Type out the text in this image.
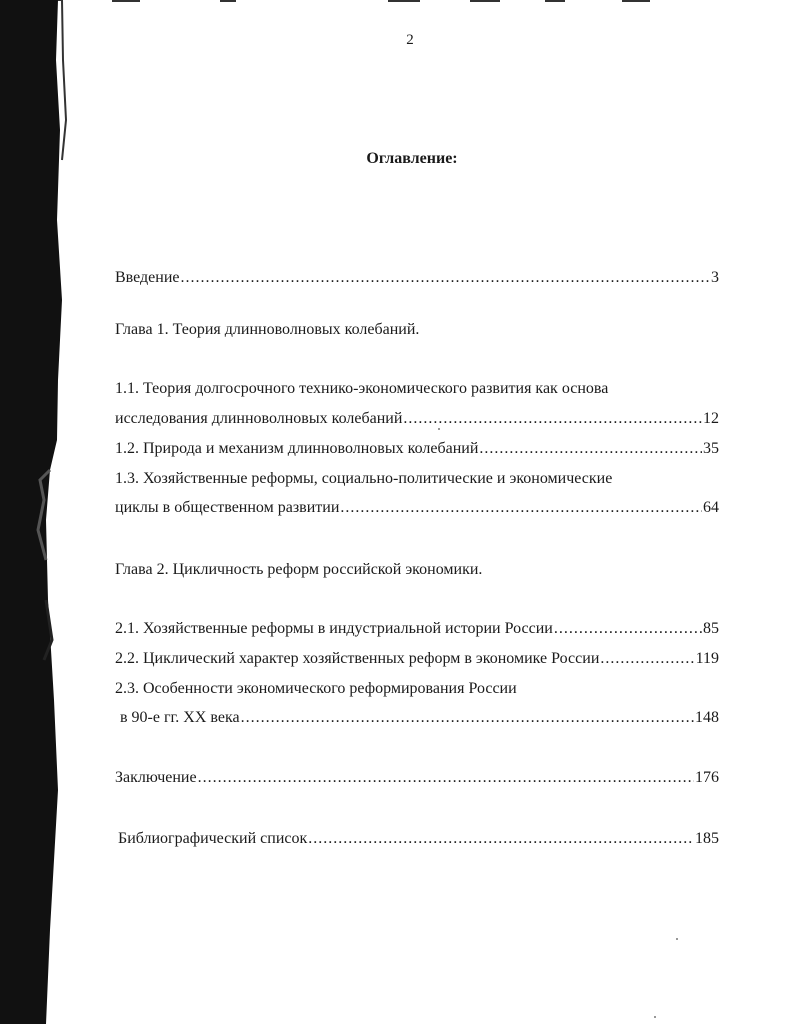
2
Оглавление:
Введение .....	3
Глава 1. Теория длинноволновых колебаний.
1.1. Теория долгосрочного технико-экономического развития как основа
исследования длинноволновых колебаний .....	12
1.2. Природа и механизм длинноволновых колебаний .....	35
1.3. Хозяйственные реформы, социально-политические и экономические
циклы в общественном развитии .....	64
Глава 2. Цикличность реформ российской экономики.
2.1. Хозяйственные реформы в индустриальной истории России .....	85
2.2. Циклический характер хозяйственных реформ в экономике России .....	119
2.3. Особенности экономического реформирования России
в 90-е гг. XX века .....	148
Заключение .....	176
Библиографический список .....	185
